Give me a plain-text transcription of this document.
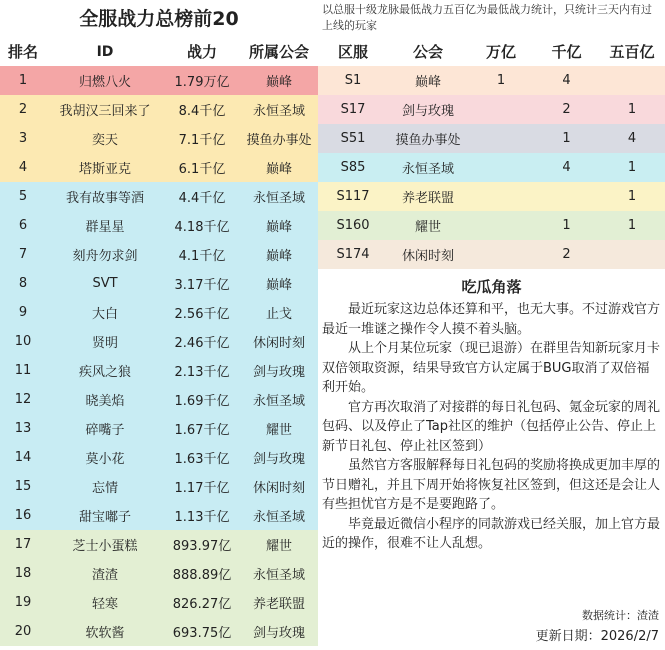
全服战力总榜前20
排名	ID	战力	所属公会
1	归燃八火	1.79万亿	巅峰
2	我胡汉三回来了	8.4千亿	永恒圣域
3	奕天	7.1千亿	摸鱼办事处
4	塔斯亚克	6.1千亿	巅峰
5	我有故事等酒	4.4千亿	永恒圣域
6	群星星	4.18千亿	巅峰
7	刻舟勿求剑	4.1千亿	巅峰
8	SVT	3.17千亿	巅峰
9	大白	2.56千亿	止戈
10	贤明	2.46千亿	休闲时刻
11	疾风之狼	2.13千亿	剑与玫瑰
12	晓美焰	1.69千亿	永恒圣域
13	碎嘴子	1.67千亿	耀世
14	莫小花	1.63千亿	剑与玫瑰
15	忘情	1.17千亿	休闲时刻
16	甜宝嘟子	1.13千亿	永恒圣域
17	芝士小蛋糕	893.97亿	耀世
18	渣渣	888.89亿	永恒圣域
19	轻寒	826.27亿	养老联盟
20	软软酱	693.75亿	剑与玫瑰
以总服十级龙脉最低战力五百亿为最低战力统计，只统计三天内有过上线的玩家
区服	公会	万亿	千亿	五百亿
S1	巅峰	1	4	
S17	剑与玫瑰		2	1
S51	摸鱼办事处		1	4
S85	永恒圣域		4	1
S117	养老联盟			1
S160	耀世		1	1
S174	休闲时刻		2	
吃瓜角落

最近玩家这边总体还算和平，也无大事。不过游戏官方最近一堆谜之操作令人摸不着头脑。

从上个月某位玩家（现已退游）在群里告知新玩家月卡双倍领取资源，结果导致官方认定属于BUG取消了双倍福利开始。

官方再次取消了对接群的每日礼包码、氪金玩家的周礼包码、以及停止了Tap社区的维护（包括停止公告、停止上新节日礼包、停止社区签到）

虽然官方客服解释每日礼包码的奖励将换成更加丰厚的节日赠礼，并且下周开始将恢复社区签到，但这还是会让人有些担忧官方是不是要跑路了。

毕竟最近微信小程序的同款游戏已经关服，加上官方最近的操作，很难不让人乱想。

数据统计：渣渣
更新日期：2026/2/7
